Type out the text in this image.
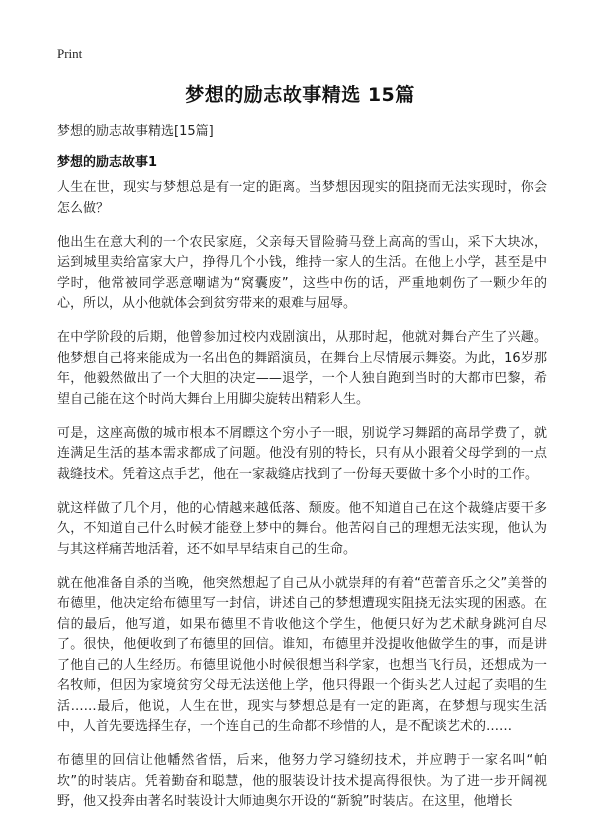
Print
梦想的励志故事精选 15篇
梦想的励志故事精选[15篇]
梦想的励志故事1

人生在世，现实与梦想总是有一定的距离。当梦想因现实的阻挠而无法实现时，你会怎么做？

他出生在意大利的一个农民家庭，父亲每天冒险骑马登上高高的雪山，采下大块冰，运到城里卖给富家大户，挣得几个小钱，维持一家人的生活。在他上小学，甚至是中学时，他常被同学恶意嘲谑为“窝囊废”，这些中伤的话，严重地刺伤了一颗少年的心，所以，从小他就体会到贫穷带来的艰难与屈辱。

在中学阶段的后期，他曾参加过校内戏剧演出，从那时起，他就对舞台产生了兴趣。他梦想自己将来能成为一名出色的舞蹈演员，在舞台上尽情展示舞姿。为此，16岁那年，他毅然做出了一个大胆的决定——退学，一个人独自跑到当时的大都市巴黎，希望自己能在这个时尚大舞台上用脚尖旋转出精彩人生。

可是，这座高傲的城市根本不屑瞟这个穷小子一眼，别说学习舞蹈的高昂学费了，就连满足生活的基本需求都成了问题。他没有别的特长，只有从小跟着父母学到的一点裁缝技术。凭着这点手艺，他在一家裁缝店找到了一份每天要做十多个小时的工作。

就这样做了几个月，他的心情越来越低落、颓废。他不知道自己在这个裁缝店要干多久，不知道自己什么时候才能登上梦中的舞台。他苦闷自己的理想无法实现，他认为与其这样痛苦地活着，还不如早早结束自己的生命。

就在他准备自杀的当晚，他突然想起了自己从小就崇拜的有着“芭蕾音乐之父”美誉的布德里，他决定给布德里写一封信，讲述自己的梦想遭现实阻挠无法实现的困惑。在信的最后，他写道，如果布德里不肯收他这个学生，他便只好为艺术献身跳河自尽了。很快，他便收到了布德里的回信。谁知，布德里并没提收他做学生的事，而是讲了他自己的人生经历。布德里说他小时候很想当科学家，也想当飞行员，还想成为一名牧师，但因为家境贫穷父母无法送他上学，他只得跟一个街头艺人过起了卖唱的生活……最后，他说，人生在世，现实与梦想总是有一定的距离，在梦想与现实生活中，人首先要选择生存，一个连自己的生命都不珍惜的人，是不配谈艺术的……

布德里的回信让他幡然省悟，后来，他努力学习缝纫技术，并应聘于一家名叫“帕坎”的时装店。凭着勤奋和聪慧，他的服装设计技术提高得很快。为了进一步开阔视野，他又投奔由著名时装设计大师迪奥尔开设的“新貌”时装店。在这里，他增长
